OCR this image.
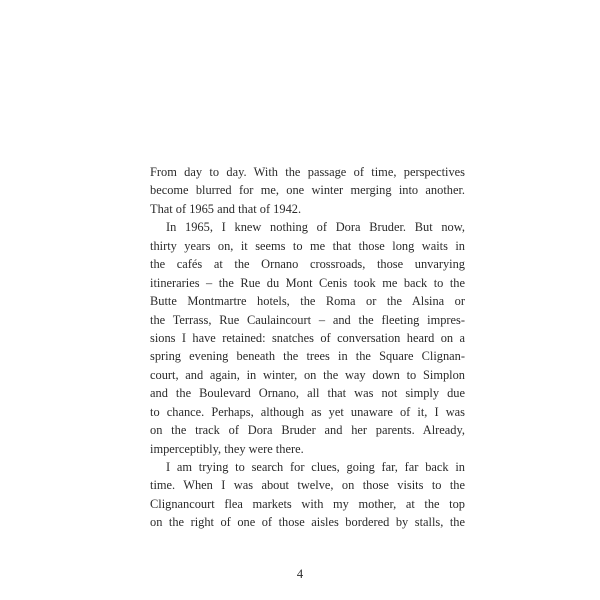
From day to day. With the passage of time, perspectives
become blurred for me, one winter merging into another.
That of 1965 and that of 1942.

In 1965, I knew nothing of Dora Bruder. But now,
thirty years on, it seems to me that those long waits in
the cafés at the Ornano crossroads, those unvarying
itineraries – the Rue du Mont Cenis took me back to the
Butte Montmartre hotels, the Roma or the Alsina or
the Terrass, Rue Caulaincourt – and the fleeting impres-
sions I have retained: snatches of conversation heard on a
spring evening beneath the trees in the Square Clignan-
court, and again, in winter, on the way down to Simplon
and the Boulevard Ornano, all that was not simply due
to chance. Perhaps, although as yet unaware of it, I was
on the track of Dora Bruder and her parents. Already,
imperceptibly, they were there.

I am trying to search for clues, going far, far back in
time. When I was about twelve, on those visits to the
Clignancourt flea markets with my mother, at the top
on the right of one of those aisles bordered by stalls, the

4
